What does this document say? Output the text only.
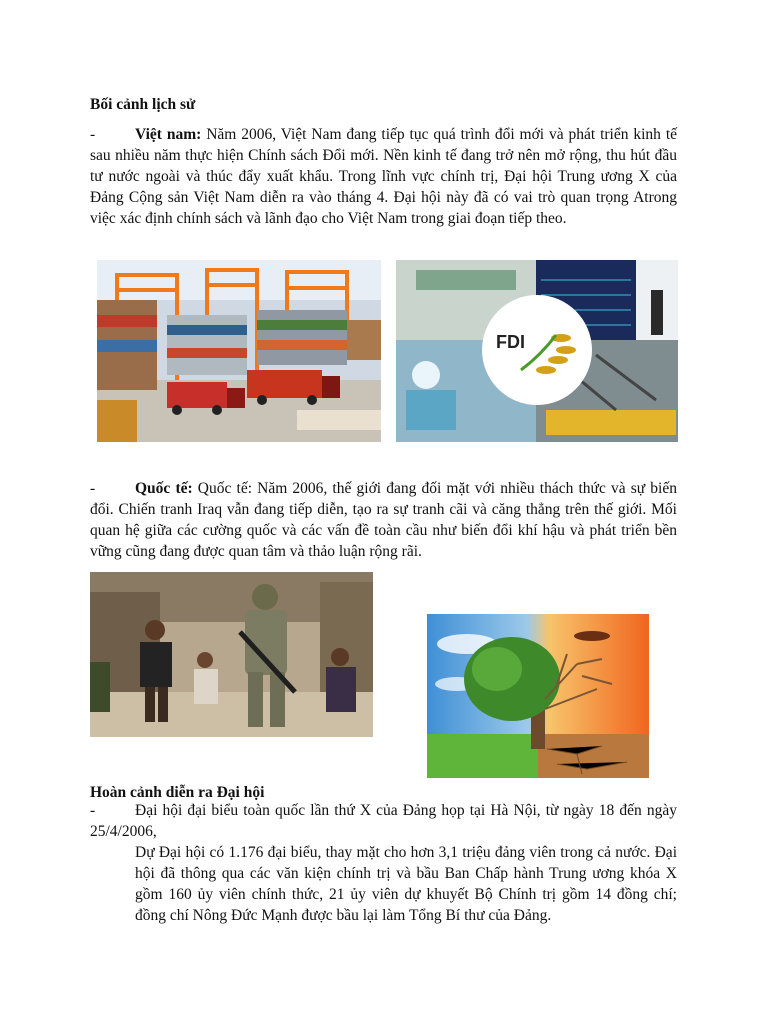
Bối cảnh lịch sử
-	Việt nam: Năm 2006, Việt Nam đang tiếp tục quá trình đổi mới và phát triển kinh tế sau nhiều năm thực hiện Chính sách Đổi mới. Nền kinh tế đang trở nên mở rộng, thu hút đầu tư nước ngoài và thúc đẩy xuất khẩu. Trong lĩnh vực chính trị, Đại hội Trung ương X của Đảng Cộng sản Việt Nam diễn ra vào tháng 4. Đại hội này đã có vai trò quan trọng Atrong việc xác định chính sách và lãnh đạo cho Việt Nam trong giai đoạn tiếp theo.
FDI
-	Quốc tế: Quốc tế: Năm 2006, thế giới đang đối mặt với nhiều thách thức và sự biến đổi. Chiến tranh Iraq vẫn đang tiếp diễn, tạo ra sự tranh cãi và căng thẳng trên thế giới. Mối quan hệ giữa các cường quốc và các vấn đề toàn cầu như biến đổi khí hậu và phát triển bền vững cũng đang được quan tâm và thảo luận rộng rãi.
Hoàn cảnh diễn ra Đại hội
-	Đại hội đại biểu toàn quốc lần thứ X của Đảng họp tại Hà Nội, từ ngày 18 đến ngày 25/4/2006,
Dự Đại hội có 1.176 đại biểu, thay mặt cho hơn 3,1 triệu đảng viên trong cả nước. Đại hội đã thông qua các văn kiện chính trị và bầu Ban Chấp hành Trung ương khóa X gồm 160 ủy viên chính thức, 21 ủy viên dự khuyết Bộ Chính trị gồm 14 đồng chí; đồng chí Nông Đức Mạnh được bầu lại làm Tổng Bí thư của Đảng.
